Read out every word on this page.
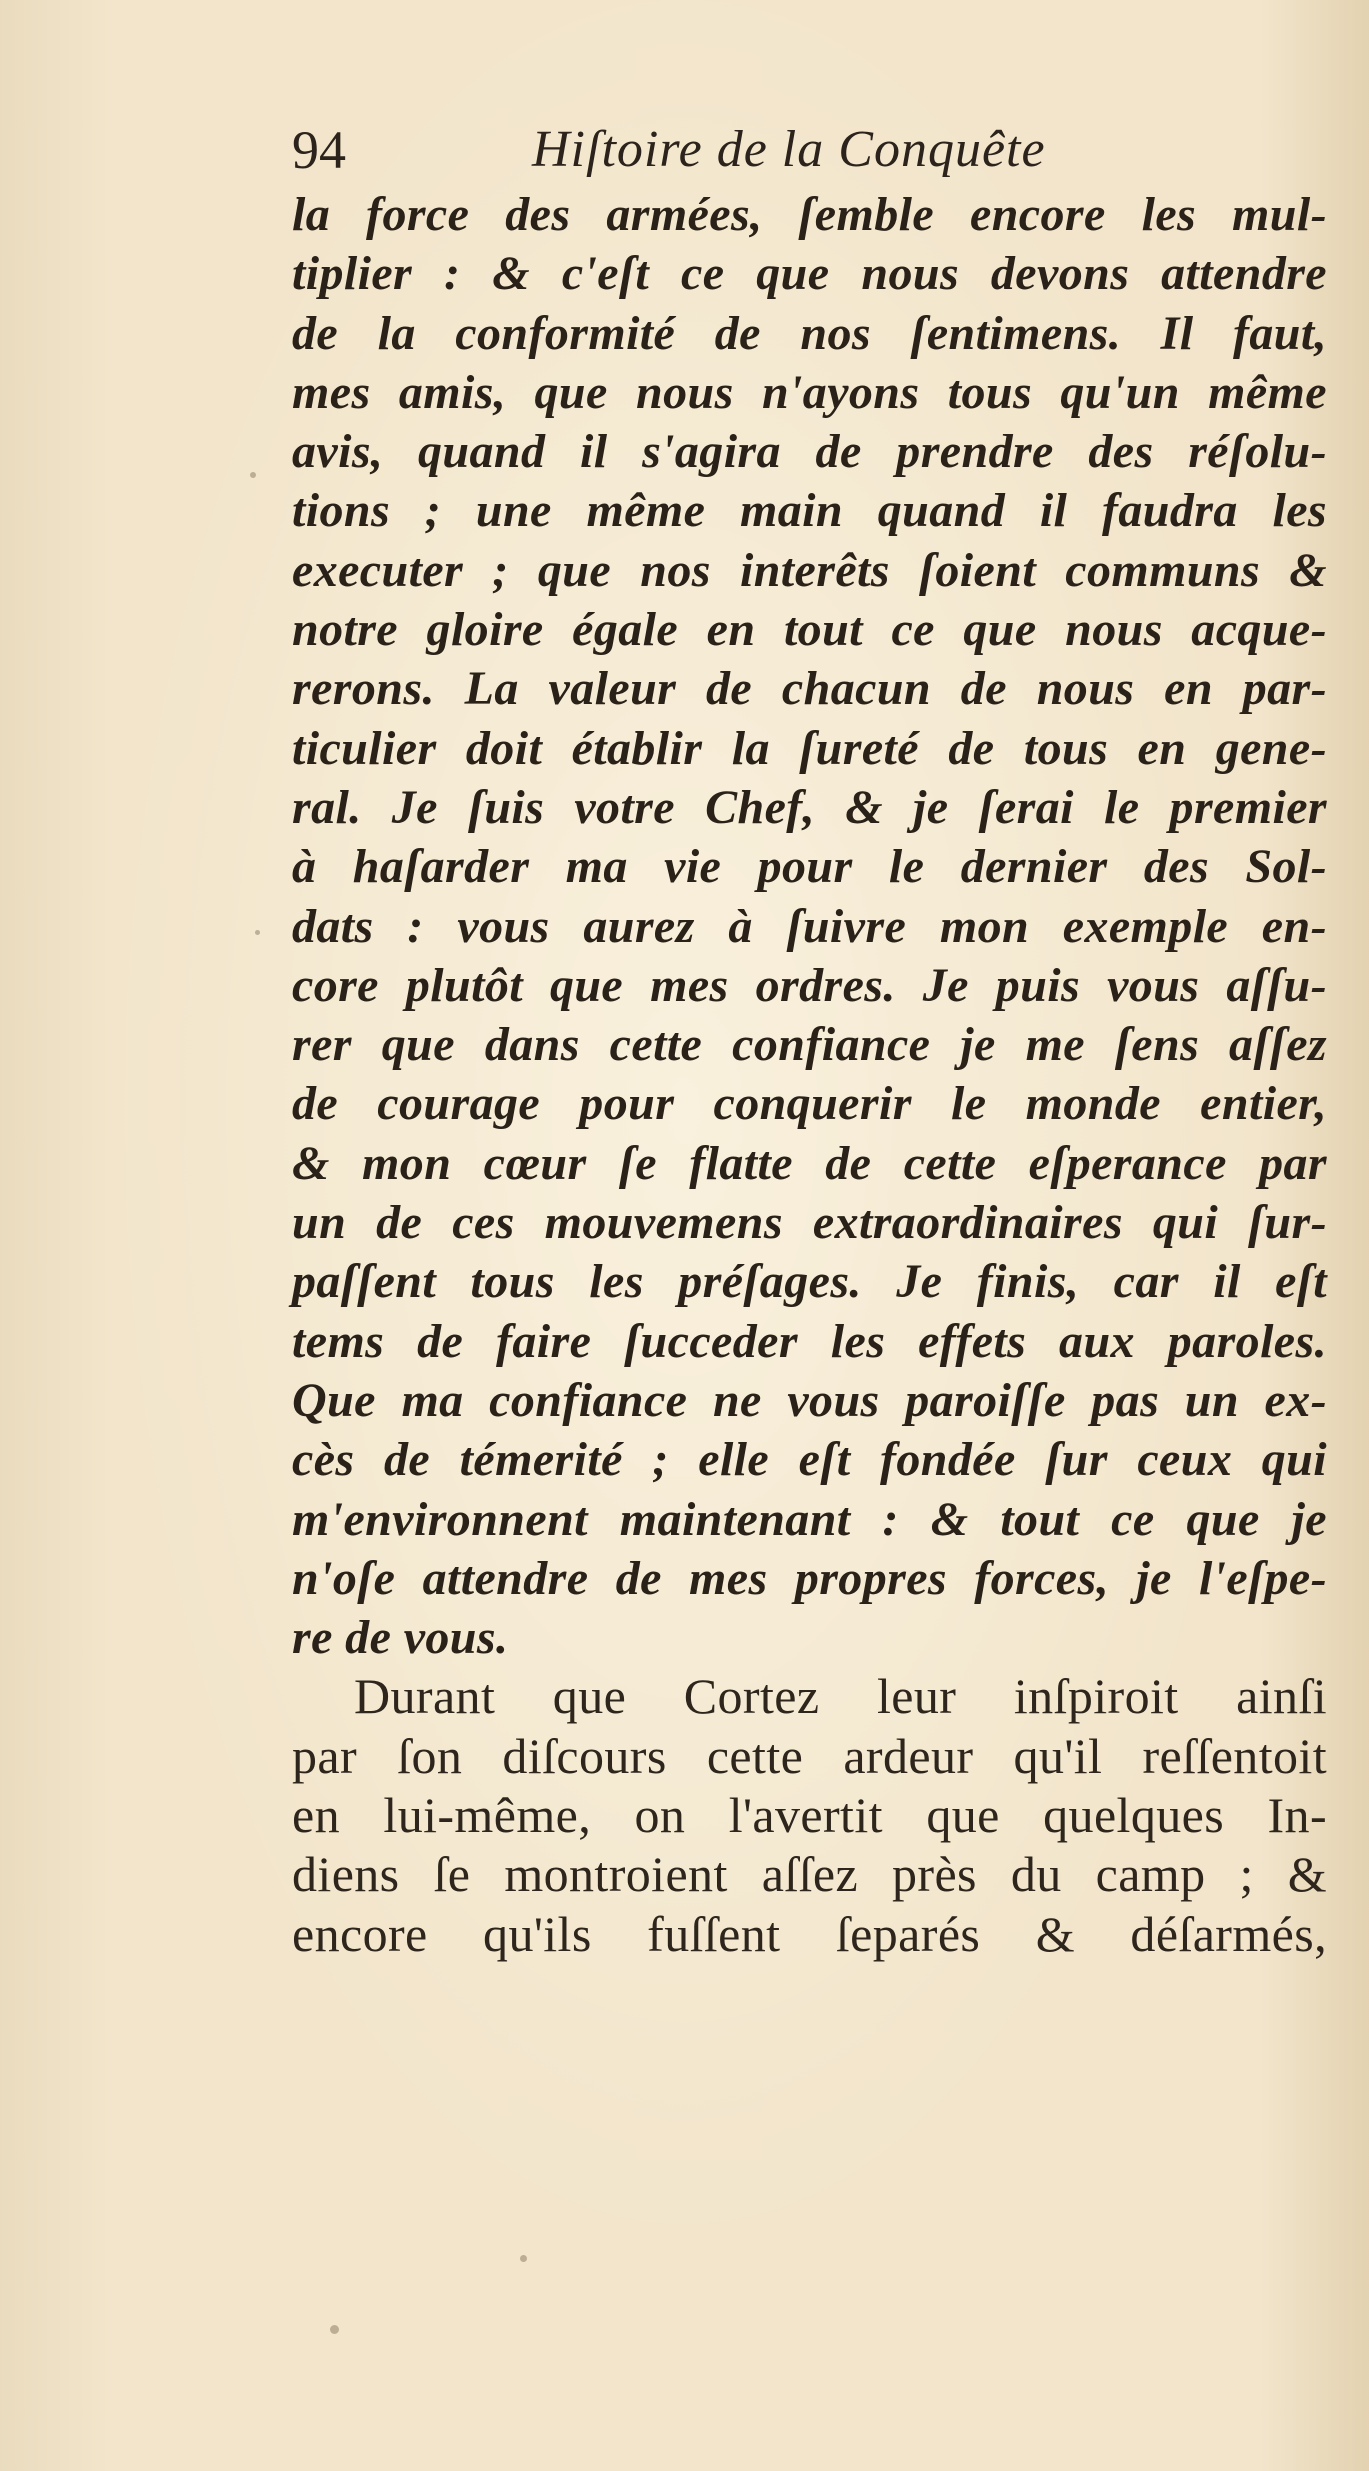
94	Hiſtoire de la Conquête
la force des armées, ſemble encore les mul-
tiplier : & c'eſt ce que nous devons attendre
de la conformité de nos ſentimens. Il faut,
mes amis, que nous n'ayons tous qu'un même
avis, quand il s'agira de prendre des réſolu-
tions ; une même main quand il faudra les
executer ; que nos interêts ſoient communs &
notre gloire égale en tout ce que nous acque-
rerons. La valeur de chacun de nous en par-
ticulier doit établir la ſureté de tous en gene-
ral. Je ſuis votre Chef, & je ſerai le premier
à haſarder ma vie pour le dernier des Sol-
dats : vous aurez à ſuivre mon exemple en-
core plutôt que mes ordres. Je puis vous aſſu-
rer que dans cette confiance je me ſens aſſez
de courage pour conquerir le monde entier,
& mon cœur ſe flatte de cette eſperance par
un de ces mouvemens extraordinaires qui ſur-
paſſent tous les préſages. Je finis, car il eſt
tems de faire ſucceder les effets aux paroles.
Que ma confiance ne vous paroiſſe pas un ex-
cès de témerité ; elle eſt fondée ſur ceux qui
m'environnent maintenant : & tout ce que je
n'oſe attendre de mes propres forces, je l'eſpe-
re de vous.
Durant que Cortez leur inſpiroit ainſi
par ſon diſcours cette ardeur qu'il reſſentoit
en lui-même, on l'avertit que quelques In-
diens ſe montroient aſſez près du camp ; &
encore qu'ils fuſſent ſeparés & déſarmés,
